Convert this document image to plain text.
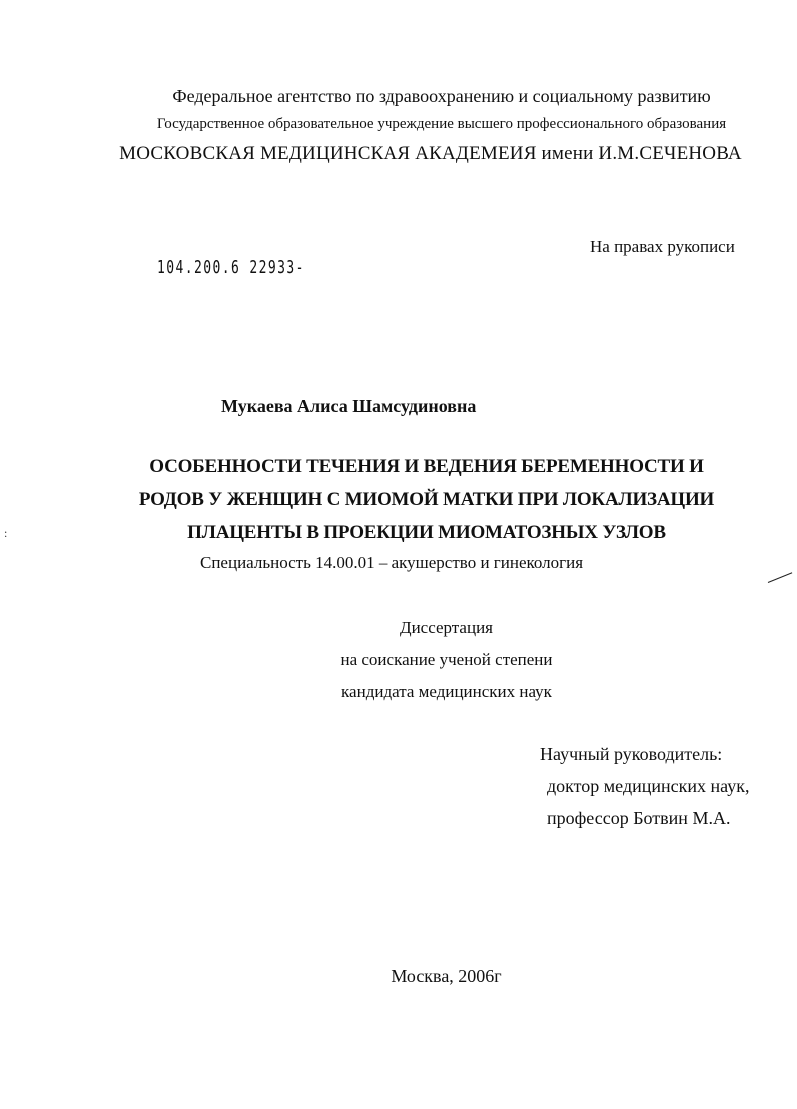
Федеральное агентство по здравоохранению и социальному развитию
Государственное образовательное учреждение высшего профессионального образования
МОСКОВСКАЯ МЕДИЦИНСКАЯ АКАДЕМЕИЯ имени И.М.СЕЧЕНОВА
На правах рукописи
104.200.6 22933-
Мукаева Алиса Шамсудиновна
ОСОБЕННОСТИ ТЕЧЕНИЯ И ВЕДЕНИЯ БЕРЕМЕННОСТИ И
РОДОВ У ЖЕНЩИН С МИОМОЙ МАТКИ ПРИ ЛОКАЛИЗАЦИИ
ПЛАЦЕНТЫ В ПРОЕКЦИИ МИОМАТОЗНЫХ УЗЛОВ
Специальность 14.00.01 – акушерство и гинекология
Диссертация
на соискание ученой степени
кандидата медицинских наук
Научный руководитель:
доктор медицинских наук,
профессор Ботвин М.А.
Москва, 2006г
:
